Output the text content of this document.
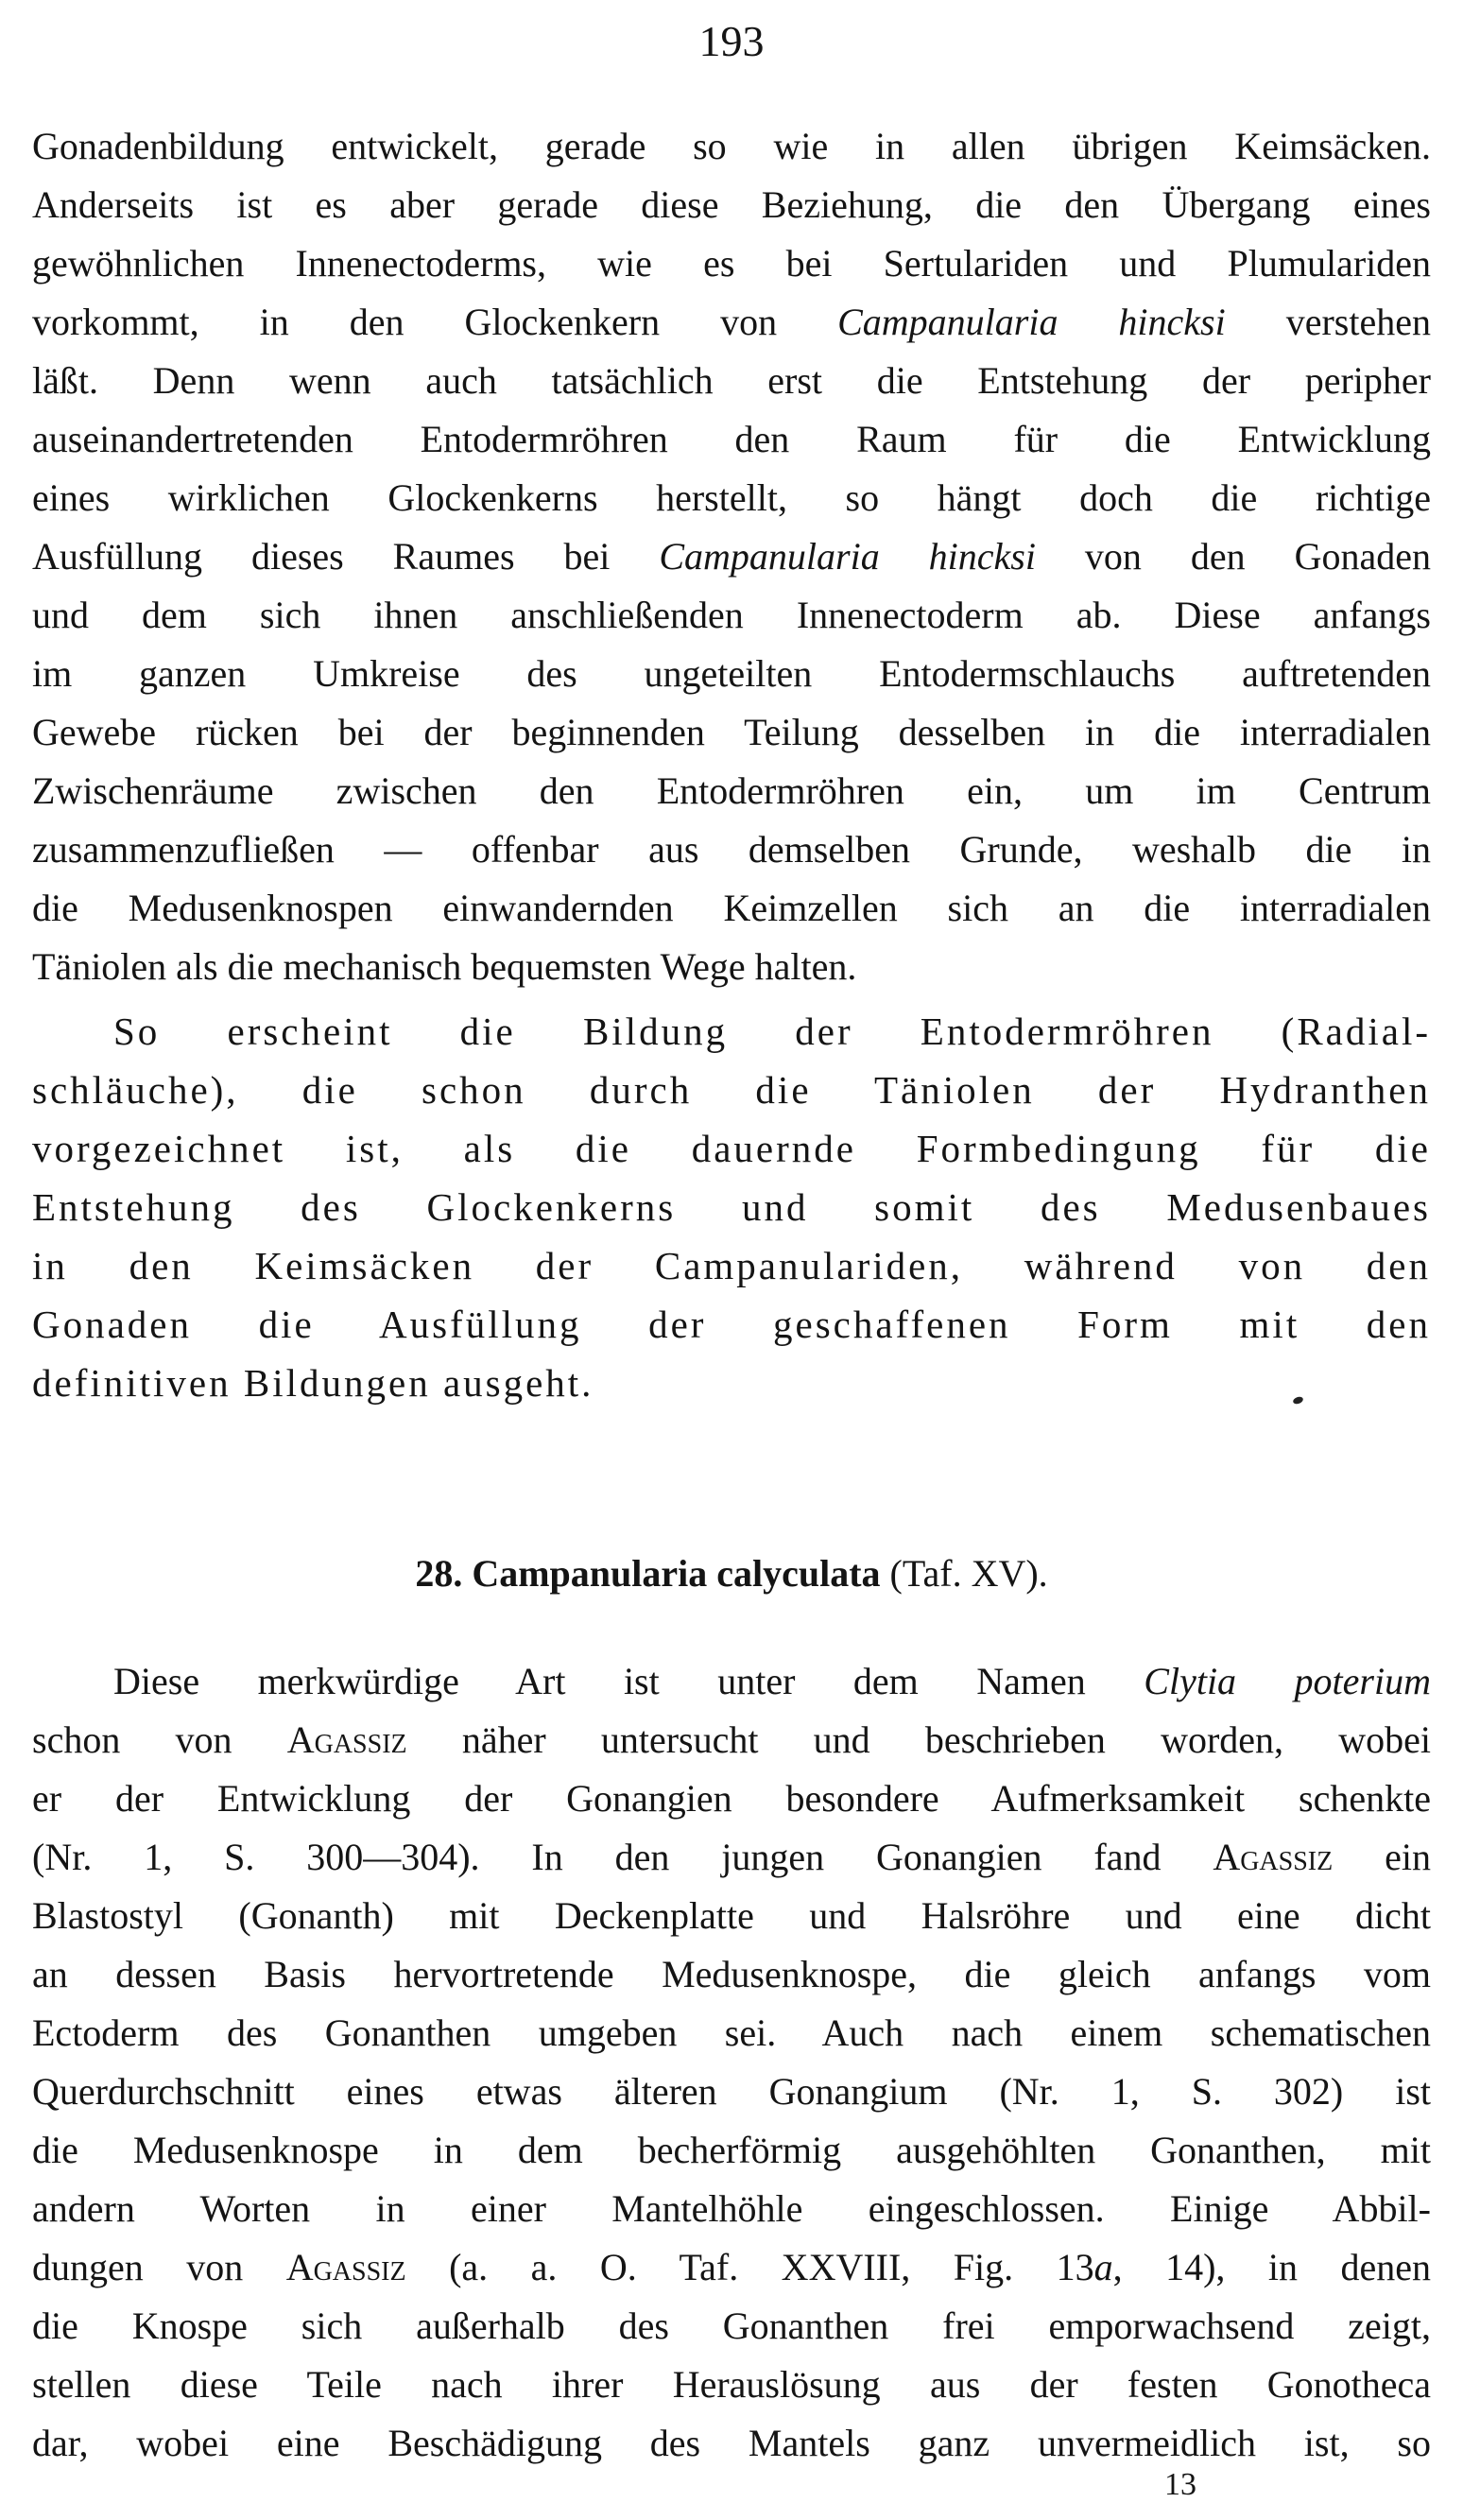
193
Gonadenbildung entwickelt, gerade so wie in allen übrigen Keimsäcken.
Anderseits ist es aber gerade diese Beziehung, die den Übergang eines
gewöhnlichen Innenectoderms, wie es bei Sertulariden und Plumulariden
vorkommt, in den Glockenkern von Campanularia hincksi verstehen
läßt. Denn wenn auch tatsächlich erst die Entstehung der peripher
auseinandertretenden Entodermröhren den Raum für die Entwicklung
eines wirklichen Glockenkerns herstellt, so hängt doch die richtige
Ausfüllung dieses Raumes bei Campanularia hincksi von den Gonaden
und dem sich ihnen anschließenden Innenectoderm ab. Diese anfangs
im ganzen Umkreise des ungeteilten Entodermschlauchs auftretenden
Gewebe rücken bei der beginnenden Teilung desselben in die interradialen
Zwischenräume zwischen den Entodermröhren ein, um im Centrum
zusammenzufließen — offenbar aus demselben Grunde, weshalb die in
die Medusenknospen einwandernden Keimzellen sich an die interradialen
Täniolen als die mechanisch bequemsten Wege halten.
So erscheint die Bildung der Entodermröhren (Radial-
schläuche), die schon durch die Täniolen der Hydranthen
vorgezeichnet ist, als die dauernde Formbedingung für die
Entstehung des Glockenkerns und somit des Medusenbaues
in den Keimsäcken der Campanulariden, während von den
Gonaden die Ausfüllung der geschaffenen Form mit den
definitiven Bildungen ausgeht.
28. Campanularia calyculata (Taf. XV).
Diese merkwürdige Art ist unter dem Namen Clytia poterium
schon von Agassiz näher untersucht und beschrieben worden, wobei
er der Entwicklung der Gonangien besondere Aufmerksamkeit schenkte
(Nr. 1, S. 300—304). In den jungen Gonangien fand Agassiz ein
Blastostyl (Gonanth) mit Deckenplatte und Halsröhre und eine dicht
an dessen Basis hervortretende Medusenknospe, die gleich anfangs vom
Ectoderm des Gonanthen umgeben sei. Auch nach einem schematischen
Querdurchschnitt eines etwas älteren Gonangium (Nr. 1, S. 302) ist
die Medusenknospe in dem becherförmig ausgehöhlten Gonanthen, mit
andern Worten in einer Mantelhöhle eingeschlossen. Einige Abbil-
dungen von Agassiz (a. a. O. Taf. XXVIII, Fig. 13a, 14), in denen
die Knospe sich außerhalb des Gonanthen frei emporwachsend zeigt,
stellen diese Teile nach ihrer Herauslösung aus der festen Gonotheca
dar, wobei eine Beschädigung des Mantels ganz unvermeidlich ist, so
13
